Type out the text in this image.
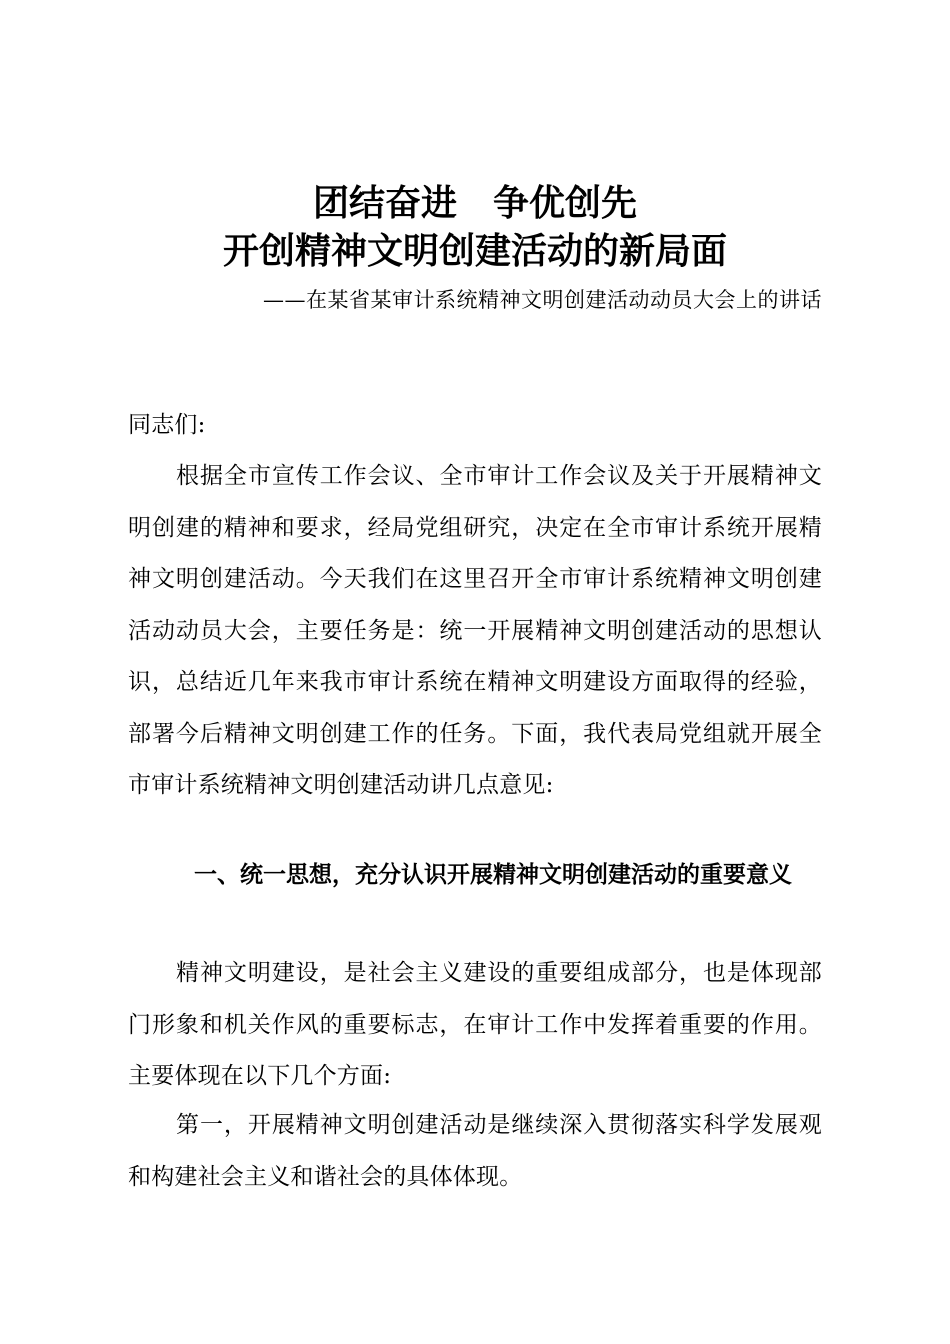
团结奋进　争优创先
开创精神文明创建活动的新局面
——在某省某审计系统精神文明创建活动动员大会上的讲话
同志们:
根据全市宣传工作会议、全市审计工作会议及关于开展精神文明创建的精神和要求，经局党组研究，决定在全市审计系统开展精神文明创建活动。今天我们在这里召开全市审计系统精神文明创建活动动员大会，主要任务是：统一开展精神文明创建活动的思想认识，总结近几年来我市审计系统在精神文明建设方面取得的经验，部署今后精神文明创建工作的任务。下面，我代表局党组就开展全市审计系统精神文明创建活动讲几点意见:
一、统一思想，充分认识开展精神文明创建活动的重要意义
精神文明建设，是社会主义建设的重要组成部分，也是体现部门形象和机关作风的重要标志，在审计工作中发挥着重要的作用。主要体现在以下几个方面:
第一，开展精神文明创建活动是继续深入贯彻落实科学发展观和构建社会主义和谐社会的具体体现。
